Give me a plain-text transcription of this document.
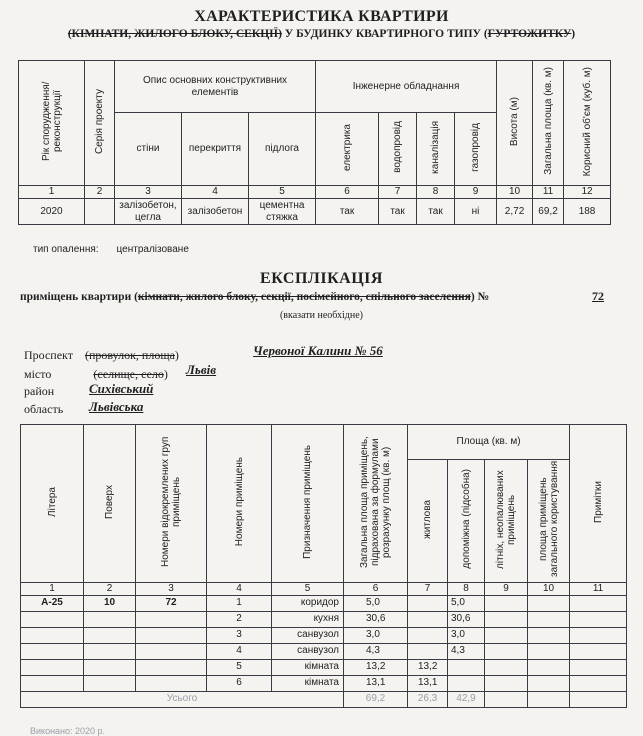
ХАРАКТЕРИСТИКА КВАРТИРИ
(КІМНАТИ, ЖИЛОГО БЛОКУ, СЕКЦІЇ) У БУДИНКУ КВАРТИРНОГО ТИПУ (ГУРТОЖИТКУ)
Рік спорудження/ реконструкції	Серія проекту	Опис основних конструктивних елементів			Інженерне обладнання				Висота (м)	Загальна площа (кв. м)	Корисний об'єм (куб. м)
		стіни	перекриття	підлога	електрика	водопровід	каналізація	газопровід			
1	2	3	4	5	6	7	8	9	10	11	12
2020		залізобетон, цегла	залізобетон	цементна стяжка	так	так	так	ні	2,72	69,2	188
тип опалення: централізоване
ЕКСПЛІКАЦІЯ
приміщень квартири (кімнати, жилого блоку, секції, посімейного, спільного заселення) №	72
(вказати необхідне)
Проспект (провулок, площа)	Червоної Калини № 56
місто	(селище, село) Львів
район	Сихівський
область Львівська
Літера	Поверх	Номери відокремлених груп приміщень	Номери приміщень	Призначення приміщень	Загальна площа приміщень, підрахована за формулами розрахунку площ (кв. м)	Площа (кв. м)				Примітки
						житлова	допоміжна (підсобна)	літніх, неопалюваних приміщень	площа приміщень загального користування	
1	2	3	4	5	6	7	8	9	10	11
А-25	10	72	1	коридор	5,0		5,0			
			2	кухня	30,6		30,6			
			3	санвузол	3,0		3,0			
			4	санвузол	4,3		4,3			
			5	кімната	13,2	13,2				
			6	кімната	13,1	13,1				
Усього					69,2	26,3	42,9			
Виконано: 2020 р.
